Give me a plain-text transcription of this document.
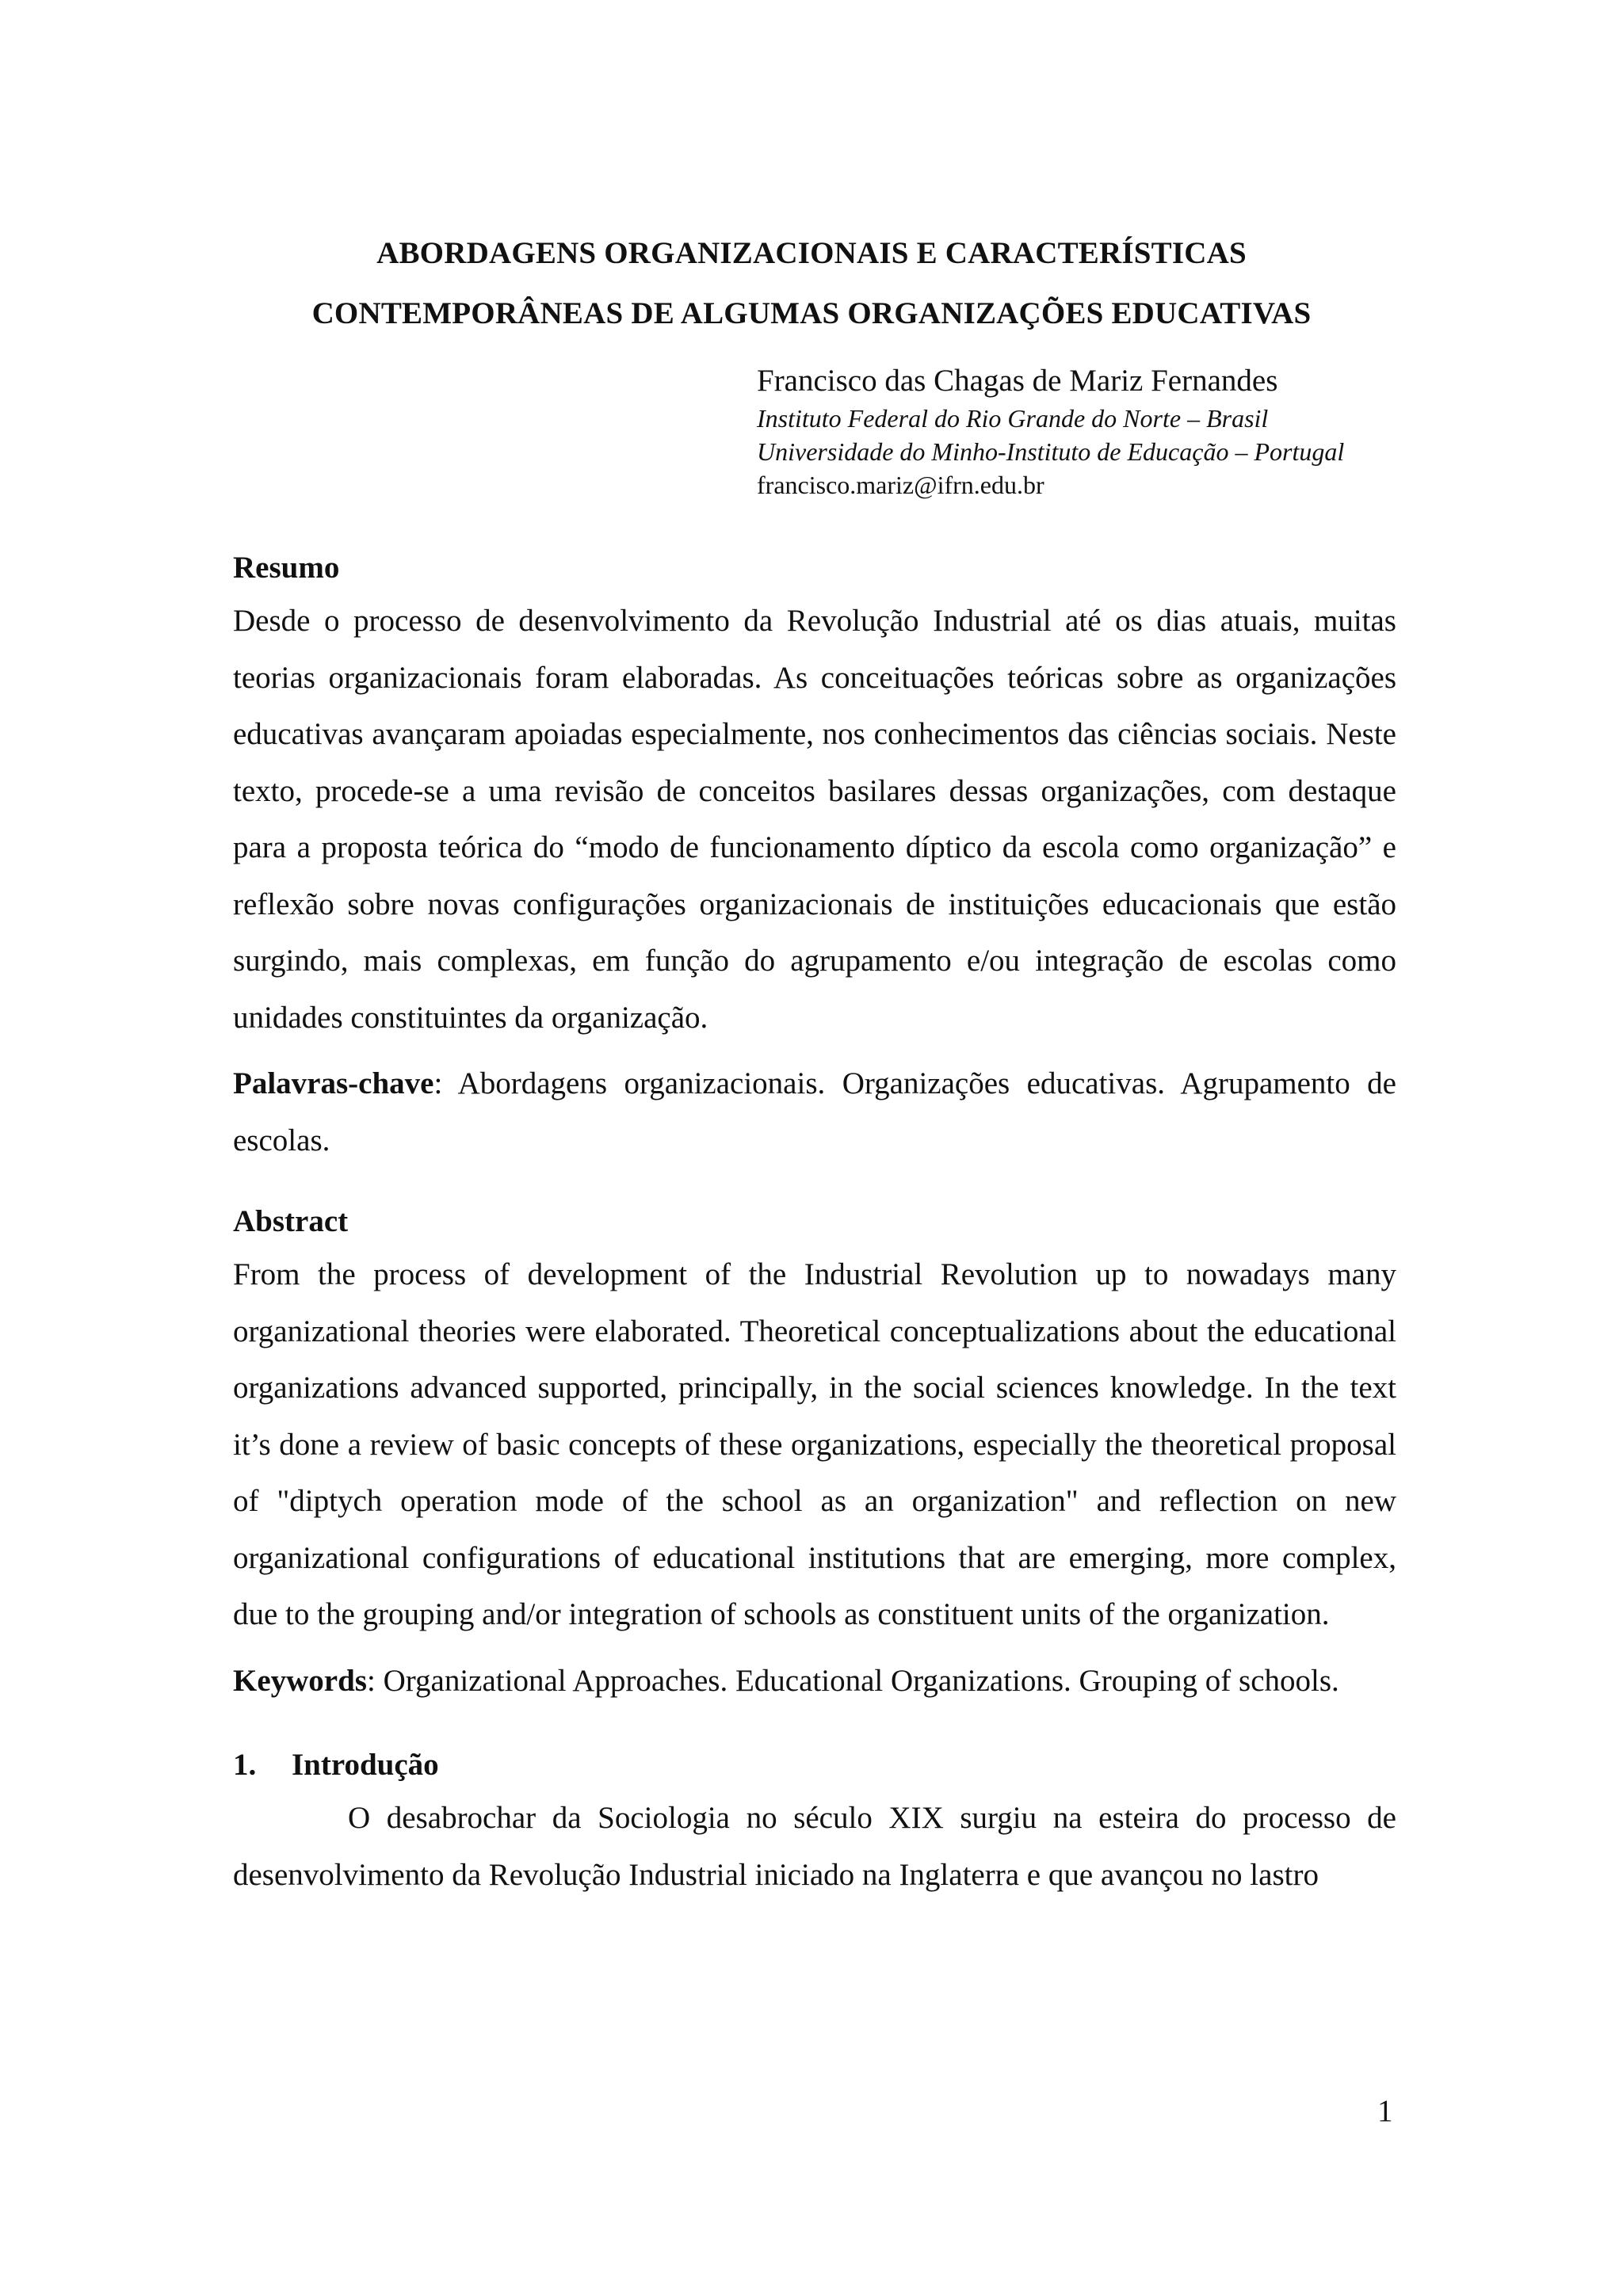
ABORDAGENS ORGANIZACIONAIS E CARACTERÍSTICAS
CONTEMPORÂNEAS DE ALGUMAS ORGANIZAÇÕES EDUCATIVAS
Francisco das Chagas de Mariz Fernandes
Instituto Federal do Rio Grande do Norte – Brasil
Universidade do Minho-Instituto de Educação – Portugal
francisco.mariz@ifrn.edu.br
Resumo

Desde o processo de desenvolvimento da Revolução Industrial até os dias atuais, muitas teorias organizacionais foram elaboradas. As conceituações teóricas sobre as organizações educativas avançaram apoiadas especialmente, nos conhecimentos das ciências sociais. Neste texto, procede-se a uma revisão de conceitos basilares dessas organizações, com destaque para a proposta teórica do “modo de funcionamento díptico da escola como organização” e reflexão sobre novas configurações organizacionais de instituições educacionais que estão surgindo, mais complexas, em função do agrupamento e/ou integração de escolas como unidades constituintes da organização.

Palavras-chave: Abordagens organizacionais. Organizações educativas. Agrupamento de escolas.

Abstract

From the process of development of the Industrial Revolution up to nowadays many organizational theories were elaborated. Theoretical conceptualizations about the educational organizations advanced supported, principally, in the social sciences knowledge. In the text it’s done a review of basic concepts of these organizations, especially the theoretical proposal of "diptych operation mode of the school as an organization" and reflection on new organizational configurations of educational institutions that are emerging, more complex, due to the grouping and/or integration of schools as constituent units of the organization.

Keywords: Organizational Approaches. Educational Organizations. Grouping of schools.

1. Introdução

O desabrochar da Sociologia no século XIX surgiu na esteira do processo de desenvolvimento da Revolução Industrial iniciado na Inglaterra e que avançou no lastro

1
